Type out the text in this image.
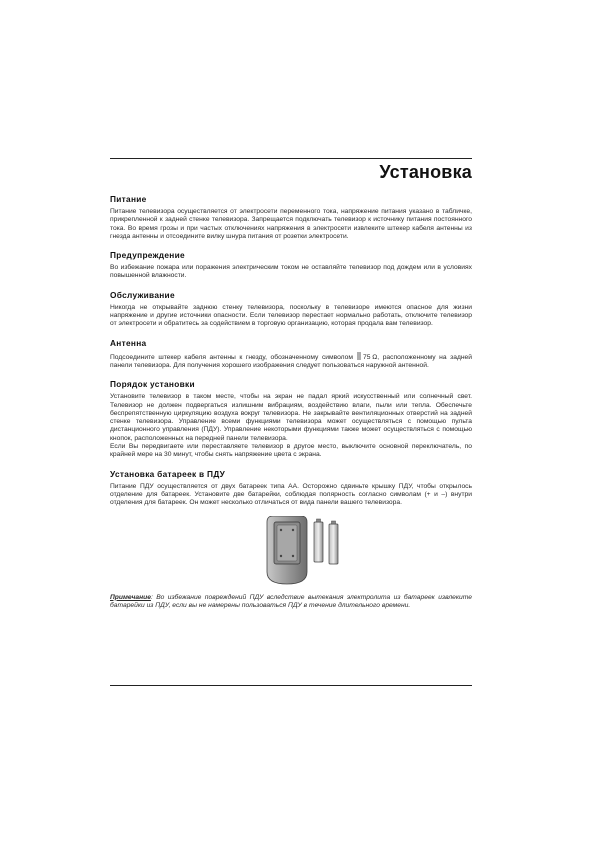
Установка
Питание

Питание телевизора осуществляется от электросети переменного тока, напряжение питания указано в табличке, прикрепленной к задней стенке телевизора. Запрещается подключать телевизор к источнику питания постоянного тока. Во время грозы и при частых отключениях напряжения в электросети извлеките штекер кабеля антенны из гнезда антенны и отсоедините вилку шнура питания от розетки электросети.

Предупреждение

Во избежание пожара или поражения электрическим током не оставляйте телевизор под дождем или в условиях повышенной влажности.

Обслуживание

Никогда не открывайте заднюю стенку телевизора, поскольку в телевизоре имеются опасное для жизни напряжение и другие источники опасности. Если телевизор перестает нормально работать, отключите телевизор от электросети и обратитесь за содействием в торговую организацию, которая продала вам телевизор.

Антенна

Подсоедините штекер кабеля антенны к гнезду, обозначенному символом 75 Ω, расположенному на задней панели телевизора. Для получения хорошего изображения следует пользоваться наружной антенной.

Порядок установки

Установите телевизор в таком месте, чтобы на экран не падал яркий искусственный или солнечный свет. Телевизор не должен подвергаться излишним вибрациям, воздействию влаги, пыли или тепла. Обеспечьте беспрепятственную циркуляцию воздуха вокруг телевизора. Не закрывайте вентиляционных отверстий на задней стенке телевизора. Управление всеми функциями телевизора может осуществляться с помощью пульта дистанционного управления (ПДУ). Управление некоторыми функциями также может осуществляться с помощью кнопок, расположенных на передней панели телевизора.

Если Вы передвигаете или переставляете телевизор в другое место, выключите основной переключатель, по крайней мере на 30 минут, чтобы снять напряжение цвета с экрана.

Установка батареек в ПДУ

Питание ПДУ осуществляется от двух батареек типа АА. Осторожно сдвиньте крышку ПДУ, чтобы открылось отделение для батареек. Установите две батарейки, соблюдая полярность согласно символам (+ и –) внутри отделения для батареек. Он может несколько отличаться от вида панели вашего телевизора.

Примечание: Во избежание повреждений ПДУ вследствие вытекания электролита из батареек извлеките батарейки из ПДУ, если вы не намерены пользоваться ПДУ в течение длительного времени.
